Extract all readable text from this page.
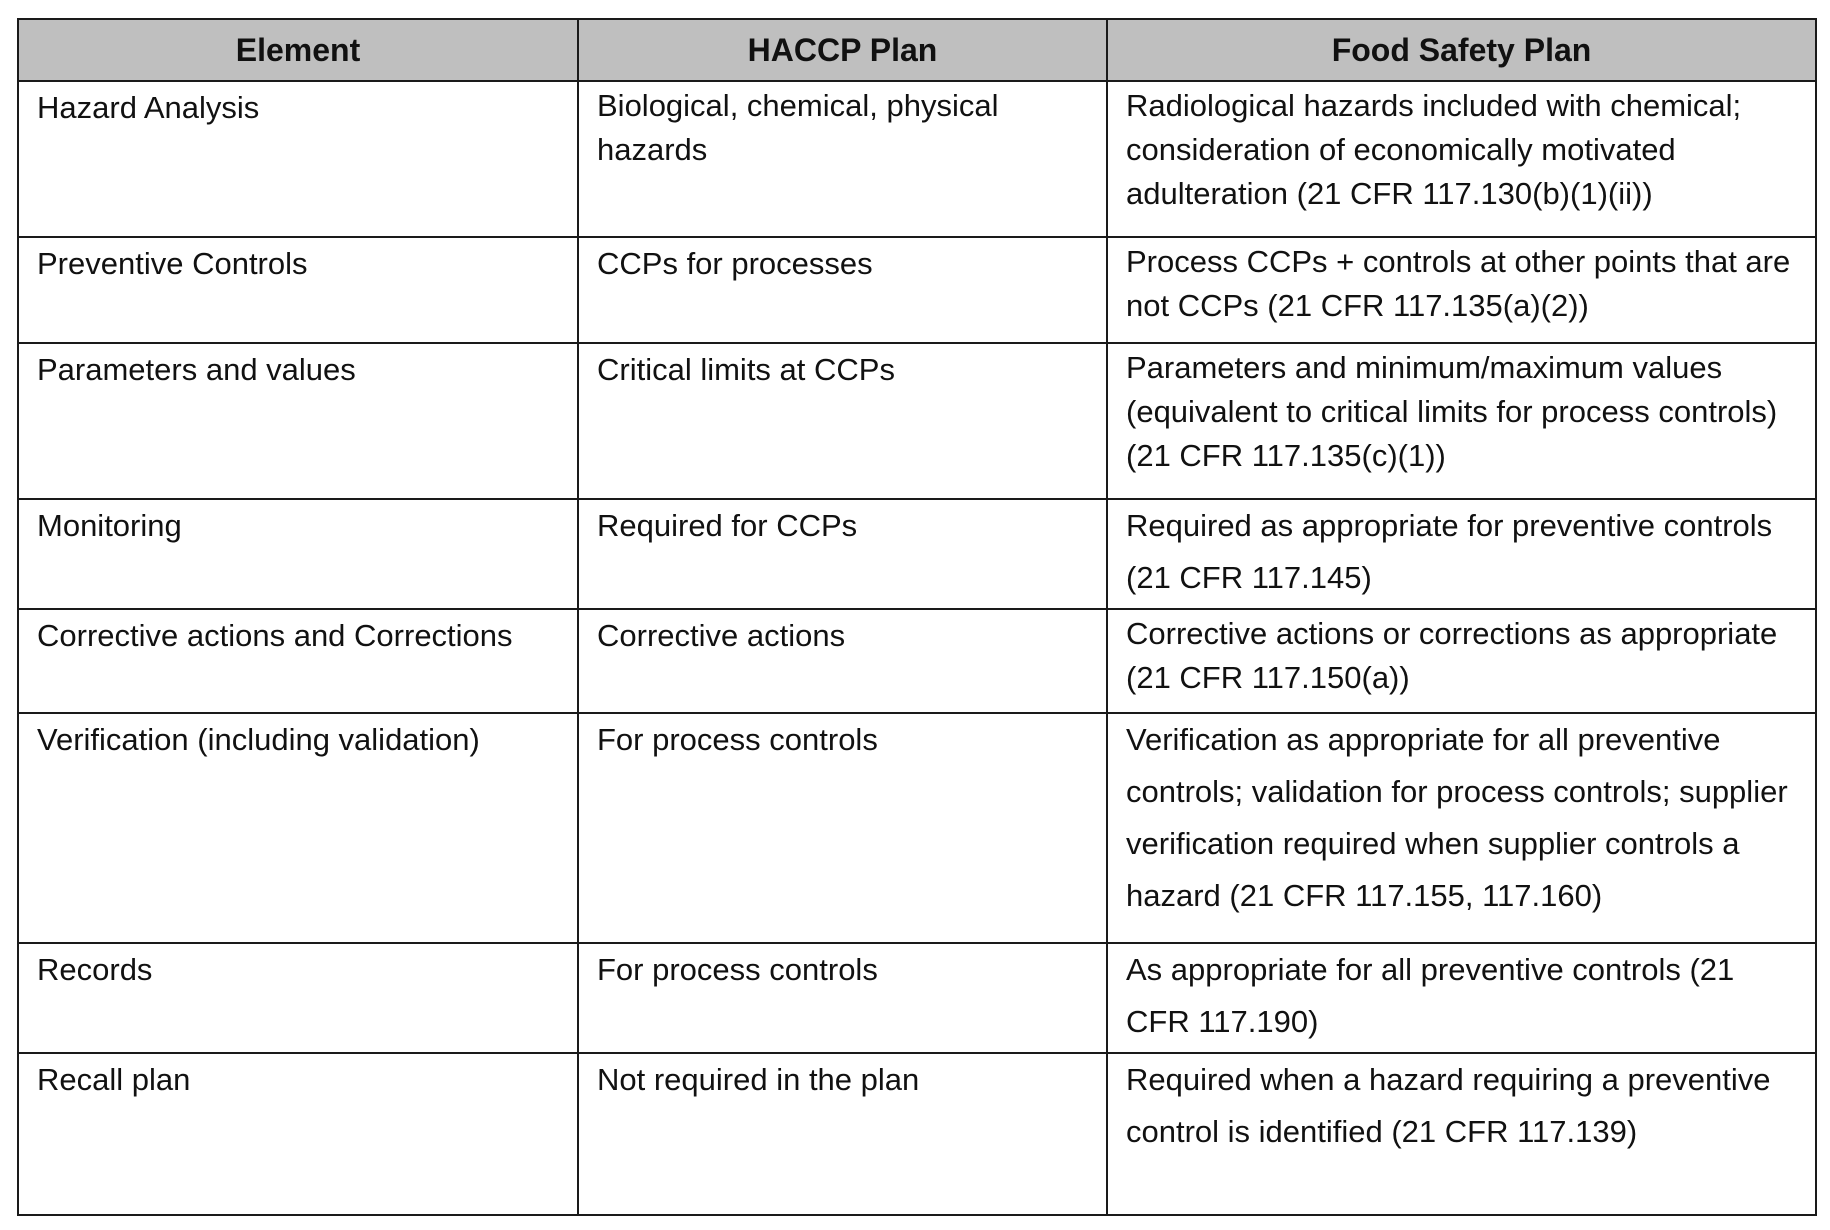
Element	HACCP Plan	Food Safety Plan

Hazard Analysis	Biological, chemical, physical hazards	Radiological hazards included with chemical; consideration of economically motivated adulteration (21 CFR 117.130(b)(1)(ii))

Preventive Controls	CCPs for processes	Process CCPs + controls at other points that are not CCPs (21 CFR 117.135(a)(2))

Parameters and values	Critical limits at CCPs	Parameters and minimum/maximum values (equivalent to critical limits for process controls) (21 CFR 117.135(c)(1))

Monitoring	Required for CCPs	Required as appropriate for preventive controls (21 CFR 117.145)

Corrective actions and Corrections	Corrective actions	Corrective actions or corrections as appropriate (21 CFR 117.150(a))

Verification (including validation)	For process controls	Verification as appropriate for all preventive controls; validation for process controls; supplier verification required when supplier controls a hazard (21 CFR 117.155, 117.160)

Records	For process controls	As appropriate for all preventive controls (21 CFR 117.190)

Recall plan	Not required in the plan	Required when a hazard requiring a preventive control is identified (21 CFR 117.139)
